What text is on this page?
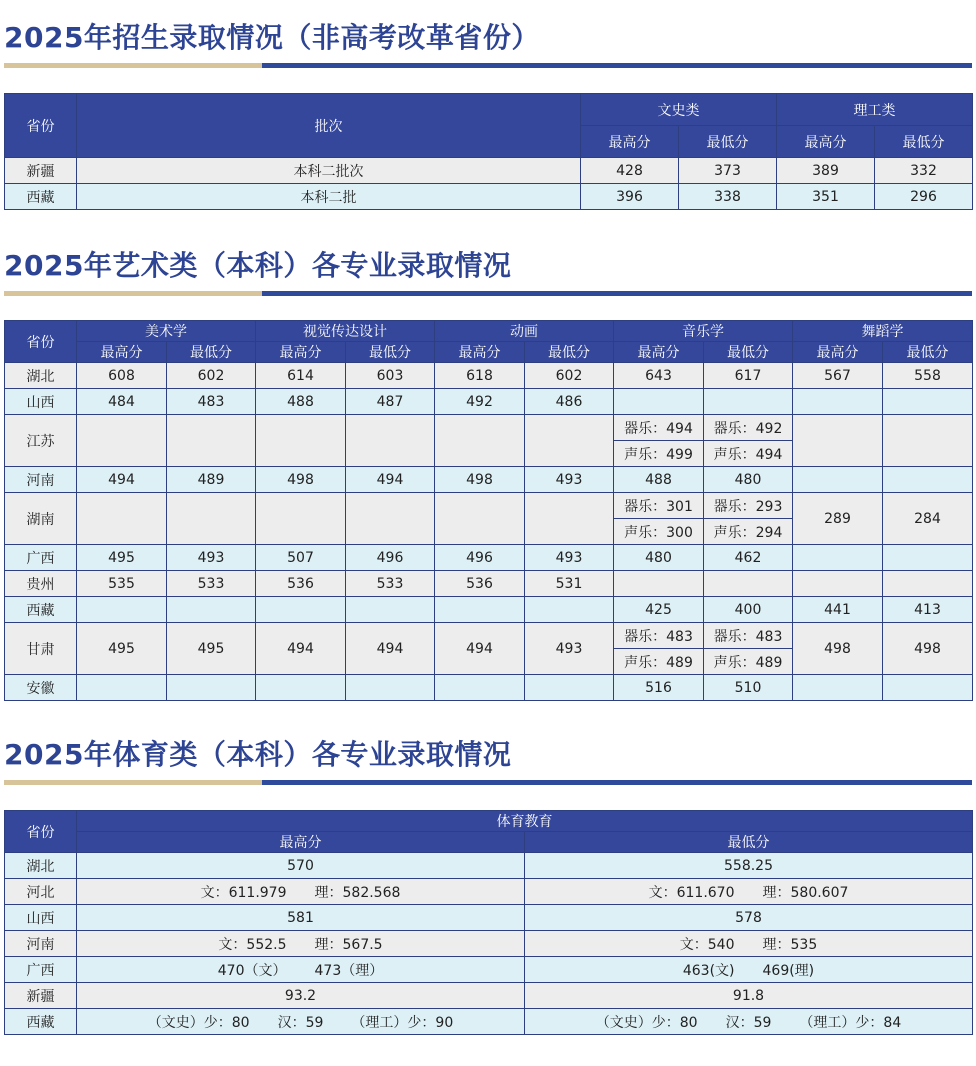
2025年招生录取情况（非高考改革省份）
省份	批次	文史类		理工类	
		最高分	最低分	最高分	最低分
新疆	本科二批次	428	373	389	332
西藏	本科二批	396	338	351	296
2025年艺术类（本科）各专业录取情况
省份	美术学		视觉传达设计		动画		音乐学		舞蹈学	
	最高分	最低分	最高分	最低分	最高分	最低分	最高分	最低分	最高分	最低分
湖北	608	602	614	603	618	602	643	617	567	558
山西	484	483	488	487	492	486				
江苏							器乐：494	器乐：492		
							声乐：499	声乐：494		
河南	494	489	498	494	498	493	488	480		
湖南							器乐：301	器乐：293	289	284
							声乐：300	声乐：294		
广西	495	493	507	496	496	493	480	462		
贵州	535	533	536	533	536	531				
西藏							425	400	441	413
甘肃	495	495	494	494	494	493	器乐：483	器乐：483	498	498
							声乐：489	声乐：489		
安徽							516	510		
2025年体育类（本科）各专业录取情况
省份	体育教育	
	最高分	最低分
湖北	570	558.25
河北	文：611.979 理：582.568	文：611.670 理：580.607
山西	581	578
河南	文：552.5 理：567.5	文：540 理：535
广西	470（文） 473（理）	463(文) 469(理)
新疆	93.2	91.8
西藏	（文史）少：80 汉：59 （理工）少：90	（文史）少：80 汉：59 （理工）少：84
